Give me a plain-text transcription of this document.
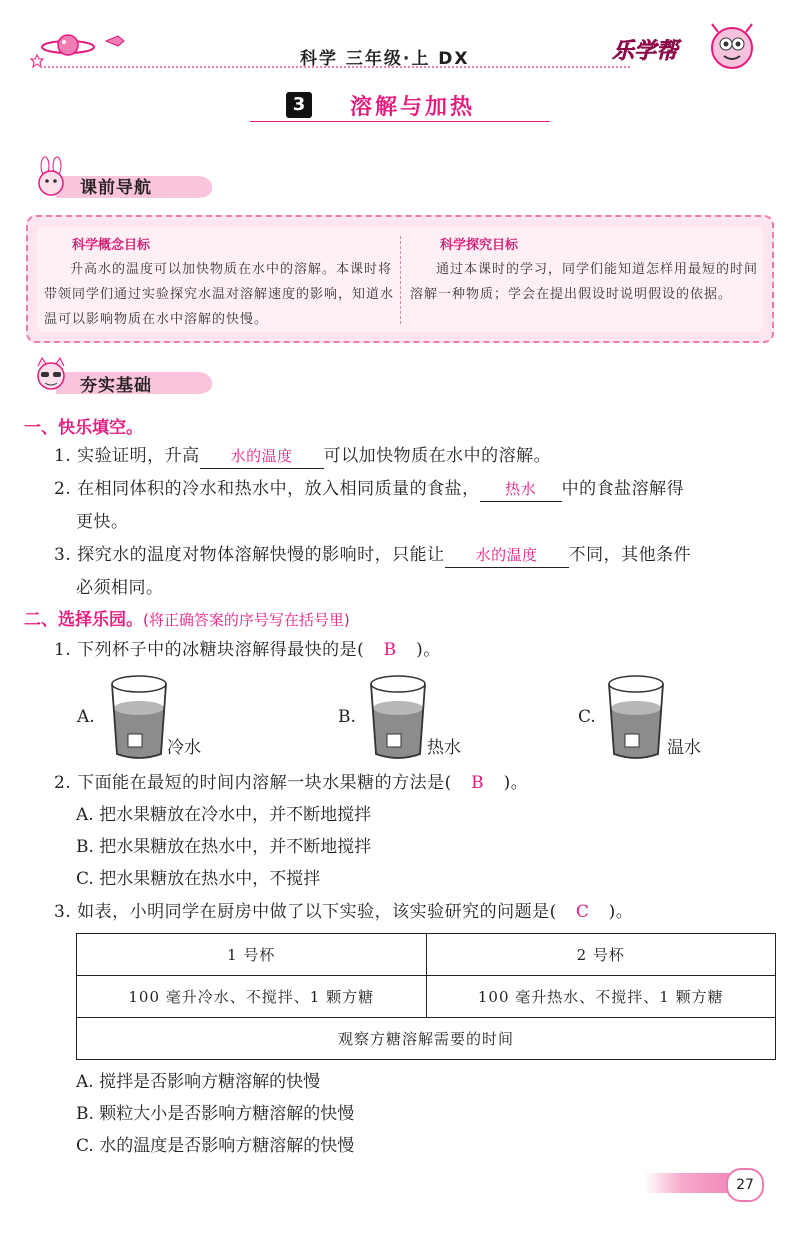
科学 三年级·上 DX	乐学帮
3	溶解与加热
课前导航
科学概念目标
升高水的温度可以加快物质在水中的溶解。本课时将带领同学们通过实验探究水温对溶解速度的影响，知道水温可以影响物质在水中溶解的快慢。
科学探究目标
通过本课时的学习，同学们能知道怎样用最短的时间溶解一种物质；学会在提出假设时说明假设的依据。
夯实基础
一、快乐填空。
1. 实验证明，升高 水的温度 可以加快物质在水中的溶解。
2. 在相同体积的冷水和热水中，放入相同质量的食盐， 热水 中的食盐溶解得
更快。
3. 探究水的温度对物体溶解快慢的影响时，只能让 水的温度 不同，其他条件
必须相同。
二、选择乐园。(将正确答案的序号写在括号里)
1. 下列杯子中的冰糖块溶解得最快的是( B )。
A.
冷水
B.
热水
C.
温水
2. 下面能在最短的时间内溶解一块水果糖的方法是( B )。
A. 把水果糖放在冷水中，并不断地搅拌
B. 把水果糖放在热水中，并不断地搅拌
C. 把水果糖放在热水中，不搅拌
3. 如表，小明同学在厨房中做了以下实验，该实验研究的问题是( C )。
1 号杯	2 号杯
100 毫升冷水、不搅拌、1 颗方糖	100 毫升热水、不搅拌、1 颗方糖
观察方糖溶解需要的时间	
A. 搅拌是否影响方糖溶解的快慢
B. 颗粒大小是否影响方糖溶解的快慢
C. 水的温度是否影响方糖溶解的快慢
27
